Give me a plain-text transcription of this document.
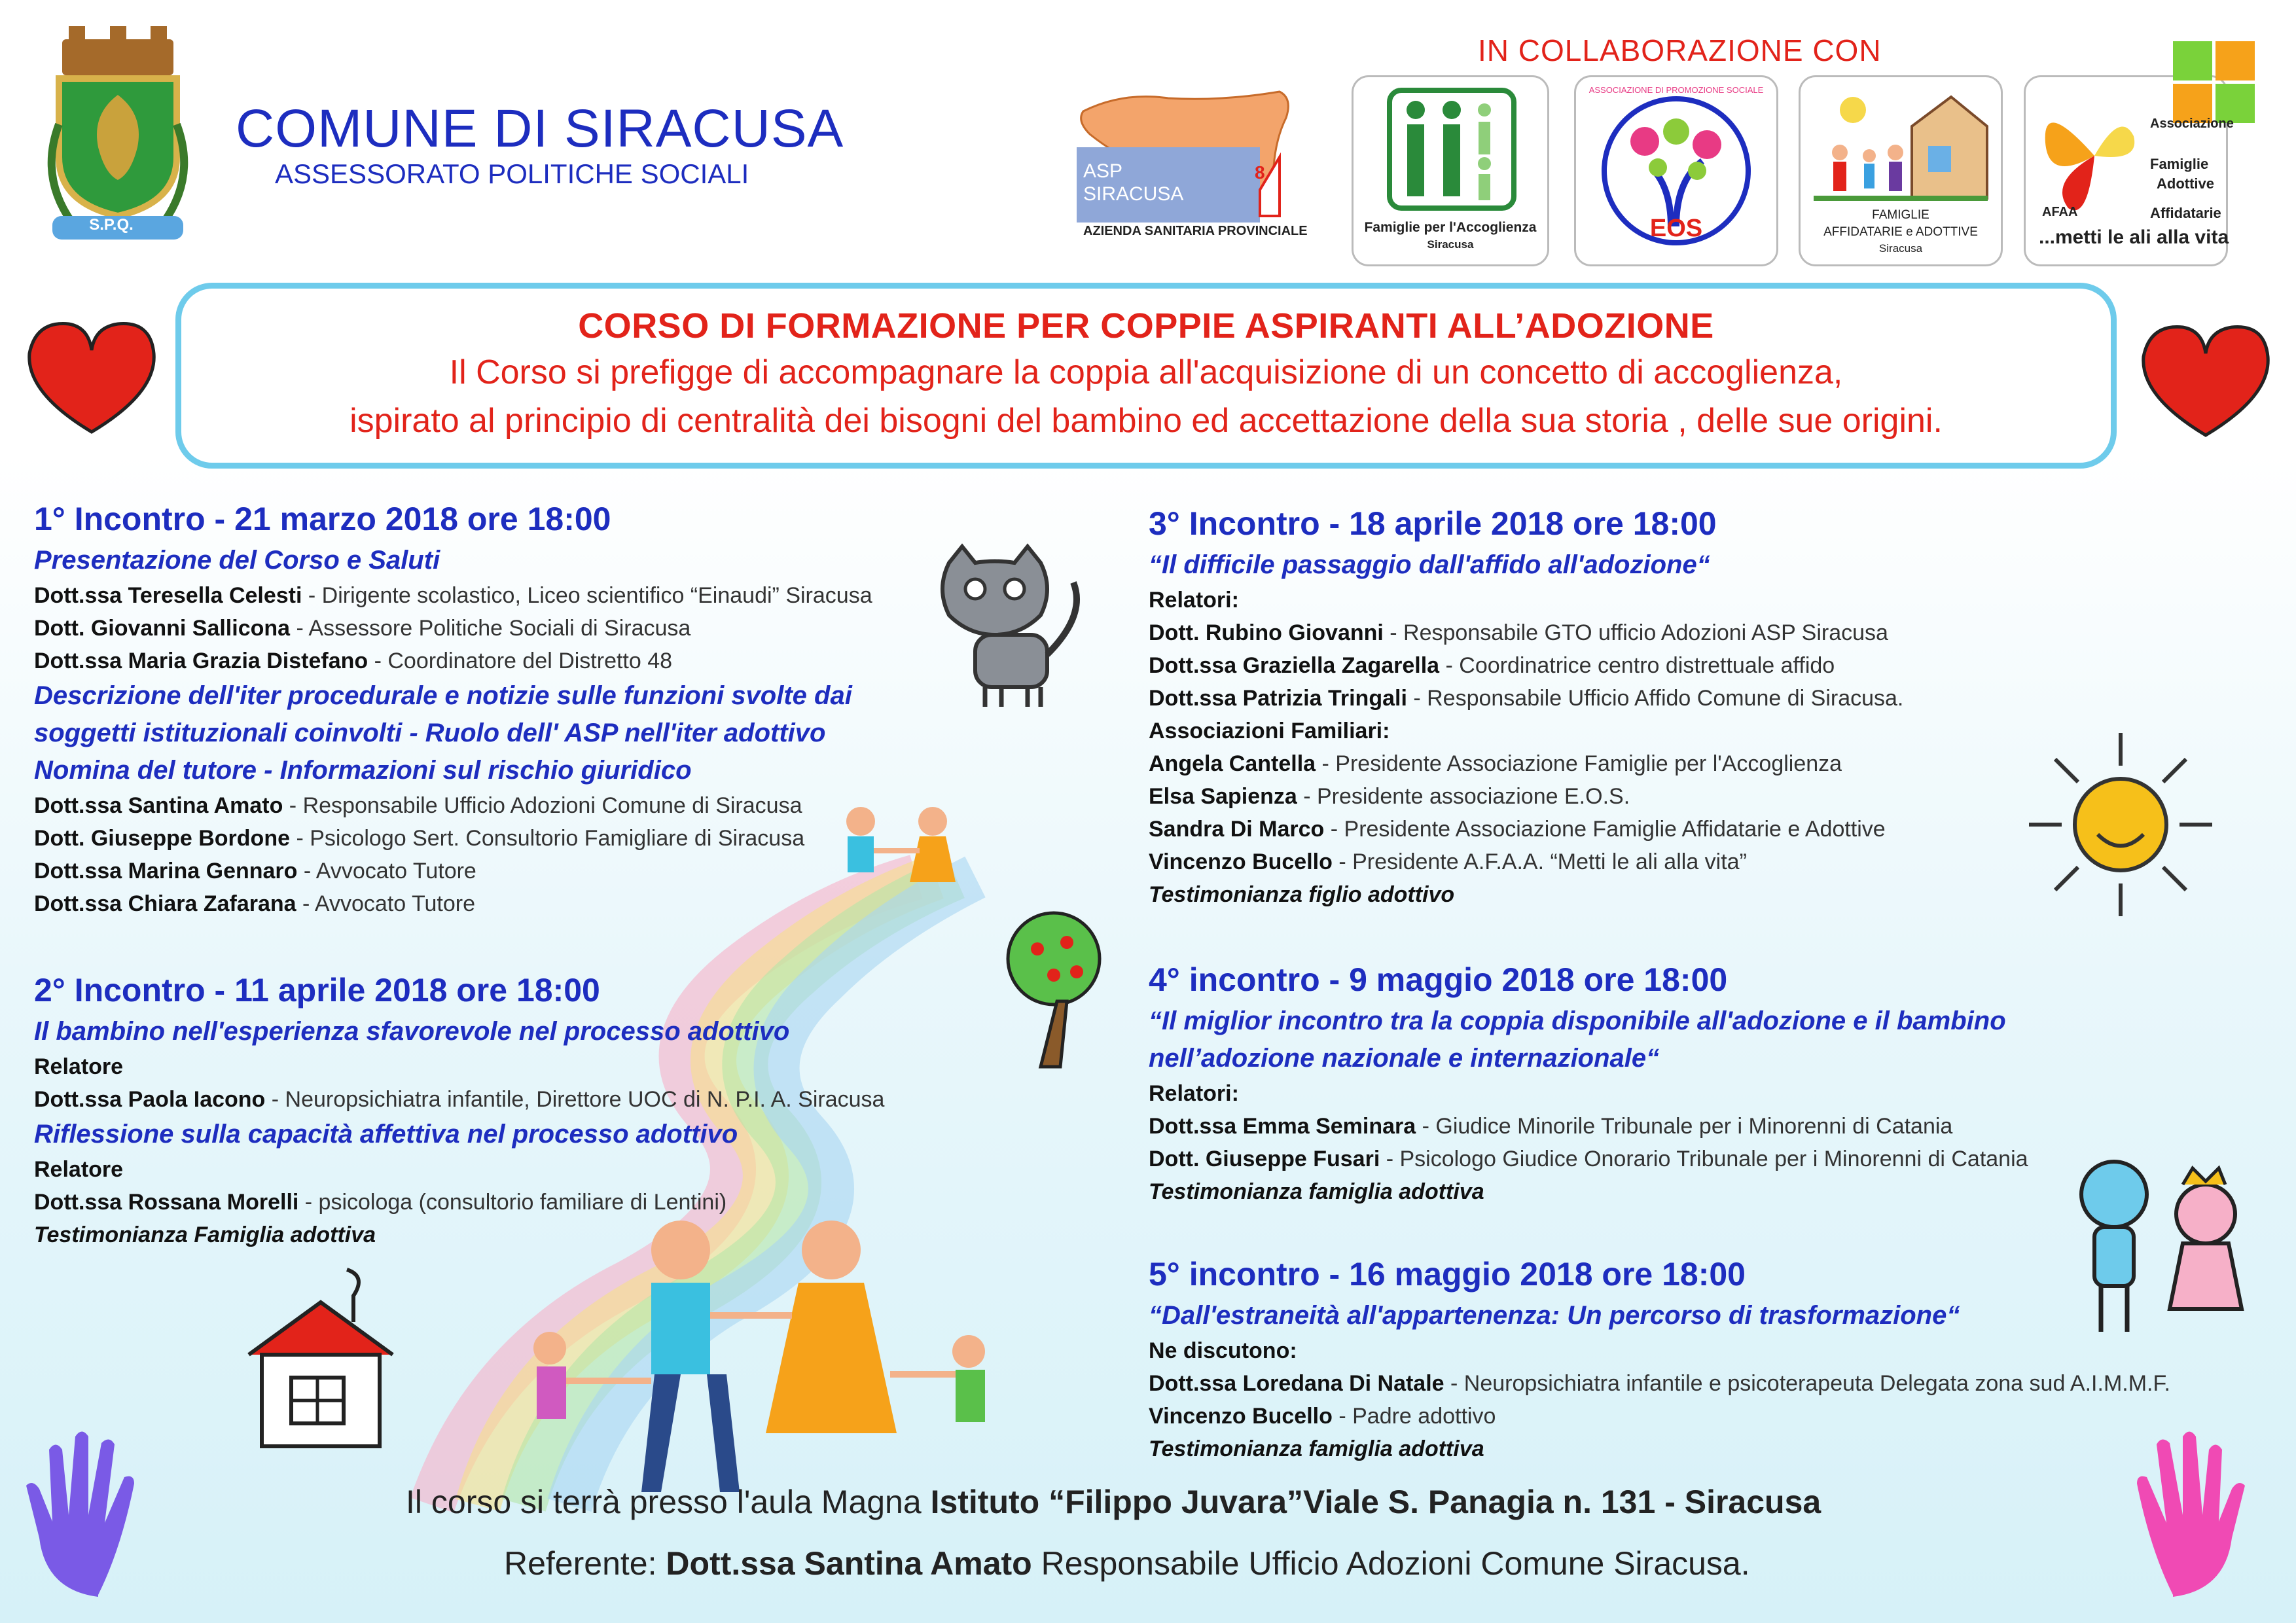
S.P.Q.
COMUNE DI SIRACUSA
ASSESSORATO POLITICHE SOCIALI
IN COLLABORAZIONE CON
ASP
SIRACUSA
AZIENDA SANITARIA PROVINCIALE
8
Famiglie per l'Accoglienza
Siracusa
ASSOCIAZIONE DI PROMOZIONE SOCIALE
EOS	FAMIGLIE
AFFIDATARIE e ADOTTIVE
Siracusa
Associazione
Famiglie
Adottive
Affidatarie
...metti le ali alla vita
AFAA
CORSO DI FORMAZIONE PER COPPIE ASPIRANTI ALL’ADOZIONE
Il Corso si prefigge di accompagnare la coppia all'acquisizione di un concetto di accoglienza,
ispirato al principio di centralità dei bisogni del bambino ed accettazione della sua storia , delle sue origini.
1° Incontro - 21 marzo 2018 ore 18:00
Presentazione del Corso e Saluti
Dott.ssa Teresella Celesti - Dirigente scolastico, Liceo scientifico “Einaudi” Siracusa
Dott. Giovanni Sallicona - Assessore Politiche Sociali di Siracusa
Dott.ssa Maria Grazia Distefano - Coordinatore del Distretto 48
Descrizione dell'iter procedurale e notizie sulle funzioni svolte dai
soggetti istituzionali coinvolti - Ruolo dell' ASP nell'iter adottivo
Nomina del tutore - Informazioni sul rischio giuridico
Dott.ssa Santina Amato - Responsabile Ufficio Adozioni Comune di Siracusa
Dott. Giuseppe Bordone - Psicologo Sert. Consultorio Famigliare di Siracusa
Dott.ssa Marina Gennaro - Avvocato Tutore
Dott.ssa Chiara Zafarana - Avvocato Tutore
2° Incontro - 11 aprile 2018 ore 18:00
Il bambino nell'esperienza sfavorevole nel processo adottivo
Relatore
Dott.ssa Paola Iacono - Neuropsichiatra infantile, Direttore UOC di N. P.I. A. Siracusa
Riflessione sulla capacità affettiva nel processo adottivo
Relatore
Dott.ssa Rossana Morelli - psicologa (consultorio familiare di Lentini)
Testimonianza Famiglia adottiva
3° Incontro - 18 aprile 2018 ore 18:00
“Il difficile passaggio dall'affido all'adozione“
Relatori:
Dott. Rubino Giovanni - Responsabile GTO ufficio Adozioni ASP Siracusa
Dott.ssa Graziella Zagarella - Coordinatrice centro distrettuale affido
Dott.ssa Patrizia Tringali - Responsabile Ufficio Affido Comune di Siracusa.
Associazioni Familiari:
Angela Cantella - Presidente Associazione Famiglie per l'Accoglienza
Elsa Sapienza - Presidente associazione E.O.S.
Sandra Di Marco - Presidente Associazione Famiglie Affidatarie e Adottive
Vincenzo Bucello - Presidente A.F.A.A. “Metti le ali alla vita”
Testimonianza figlio adottivo
4° incontro - 9 maggio 2018 ore 18:00
“Il miglior incontro tra la coppia disponibile all'adozione e il bambino
nell’adozione nazionale e internazionale“
Relatori:
Dott.ssa Emma Seminara - Giudice Minorile Tribunale per i Minorenni di Catania
Dott. Giuseppe Fusari - Psicologo Giudice Onorario Tribunale per i Minorenni di Catania
Testimonianza famiglia adottiva
5° incontro - 16 maggio 2018 ore 18:00
“Dall'estraneità all'appartenenza: Un percorso di trasformazione“
Ne discutono:
Dott.ssa Loredana Di Natale - Neuropsichiatra infantile e psicoterapeuta Delegata zona sud A.I.M.M.F.
Vincenzo Bucello - Padre adottivo
Testimonianza famiglia adottiva
Il corso si terrà presso l'aula Magna Istituto “Filippo Juvara”Viale S. Panagia n. 131 - Siracusa
Referente: Dott.ssa Santina Amato Responsabile Ufficio Adozioni Comune Siracusa.
